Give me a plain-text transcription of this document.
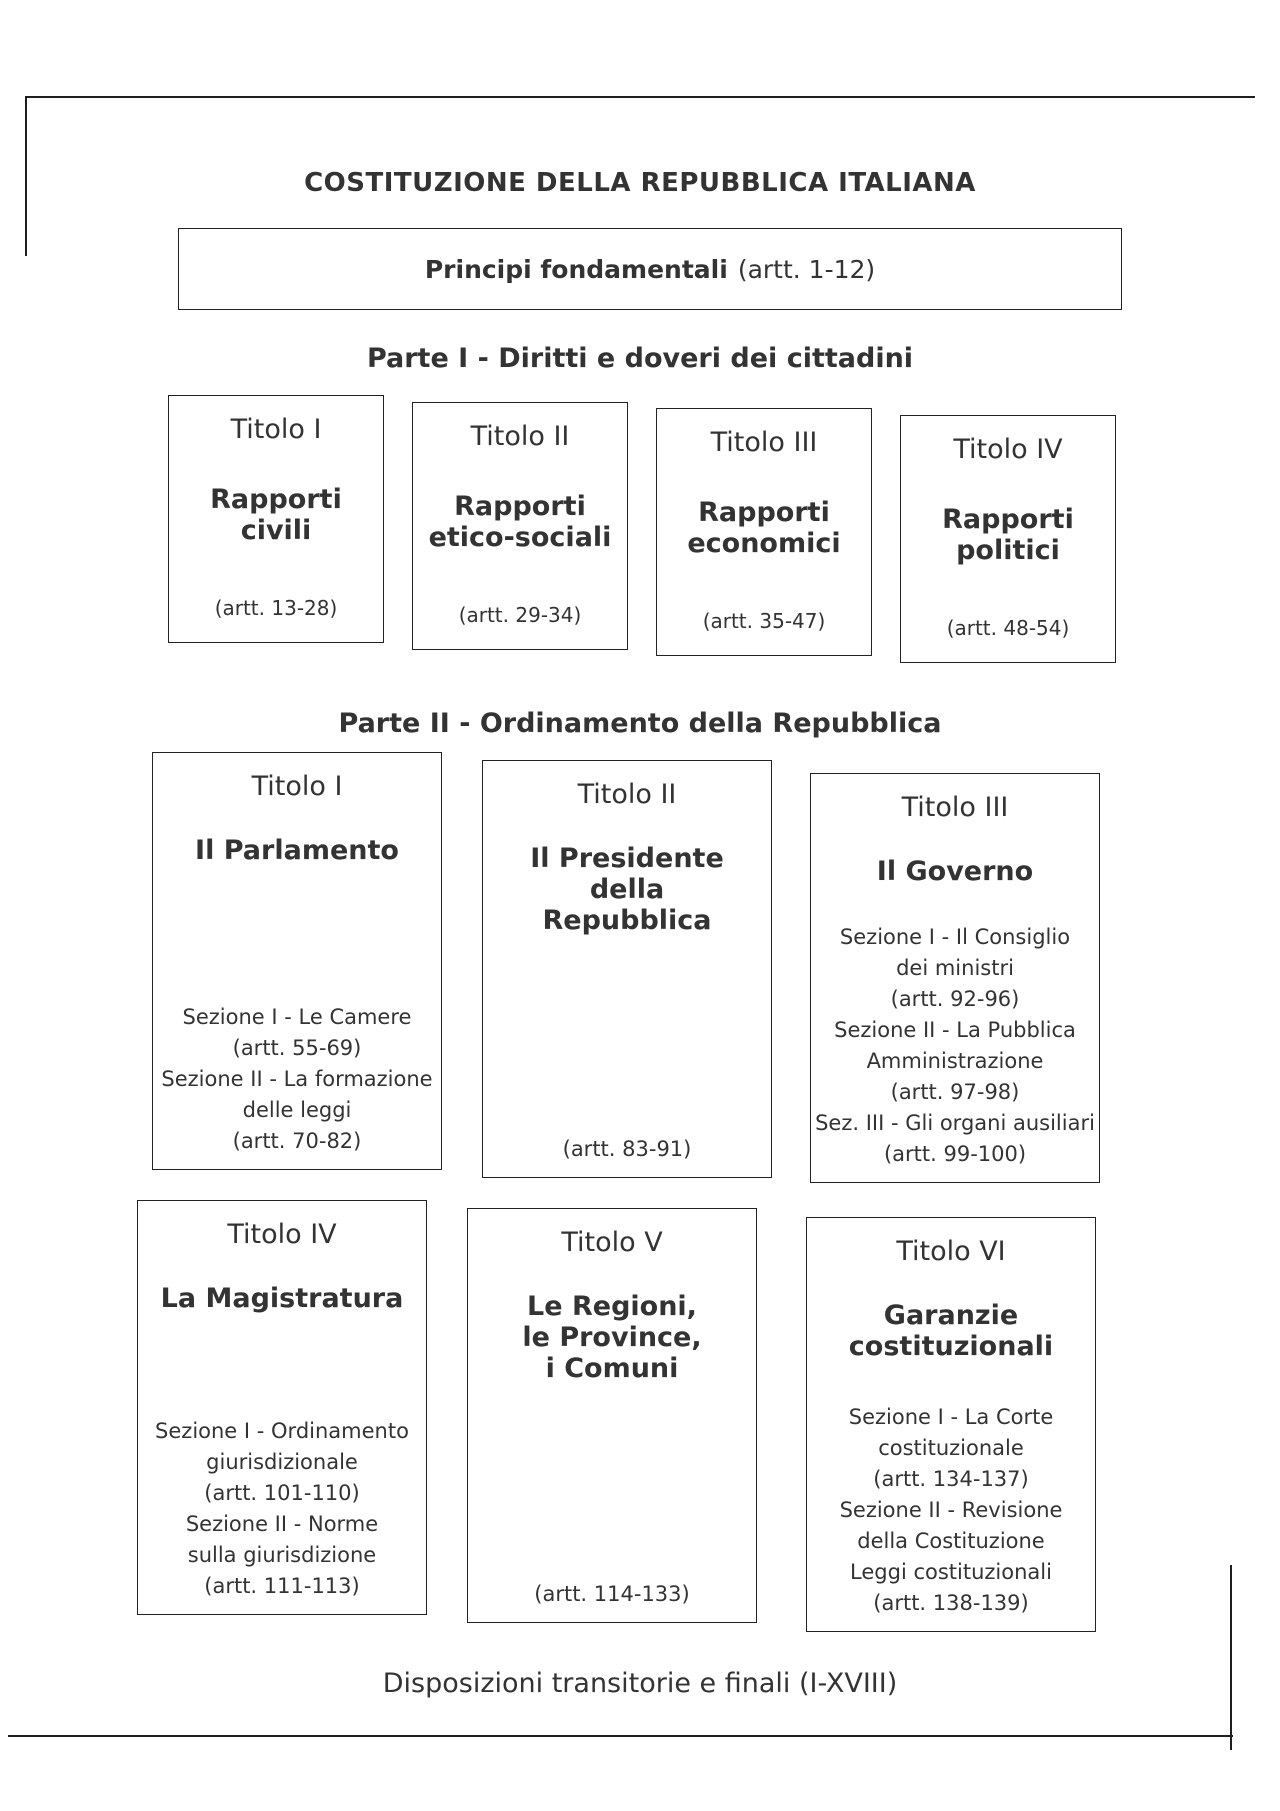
COSTITUZIONE DELLA REPUBBLICA ITALIANA
Principi fondamentali (artt. 1-12)
Parte I - Diritti e doveri dei cittadini
Titolo I
Rapporti
civili
(artt. 13-28)
Titolo II
Rapporti
etico-sociali
(artt. 29-34)
Titolo III
Rapporti
economici
(artt. 35-47)
Titolo IV
Rapporti
politici
(artt. 48-54)
Parte II - Ordinamento della Repubblica
Titolo I
Il Parlamento
Sezione I - Le Camere
(artt. 55-69)
Sezione II - La formazione
delle leggi
(artt. 70-82)
Titolo II
Il Presidente
della
Repubblica
(artt. 83-91)
Titolo III
Il Governo
Sezione I - Il Consiglio
dei ministri
(artt. 92-96)
Sezione II - La Pubblica
Amministrazione
(artt. 97-98)
Sez. III - Gli organi ausiliari
(artt. 99-100)
Titolo IV
La Magistratura
Sezione I - Ordinamento
giurisdizionale
(artt. 101-110)
Sezione II - Norme
sulla giurisdizione
(artt. 111-113)
Titolo V
Le Regioni,
le Province,
i Comuni
(artt. 114-133)
Titolo VI
Garanzie
costituzionali
Sezione I - La Corte
costituzionale
(artt. 134-137)
Sezione II - Revisione
della Costituzione
Leggi costituzionali
(artt. 138-139)
Disposizioni transitorie e finali (I-XVIII)
